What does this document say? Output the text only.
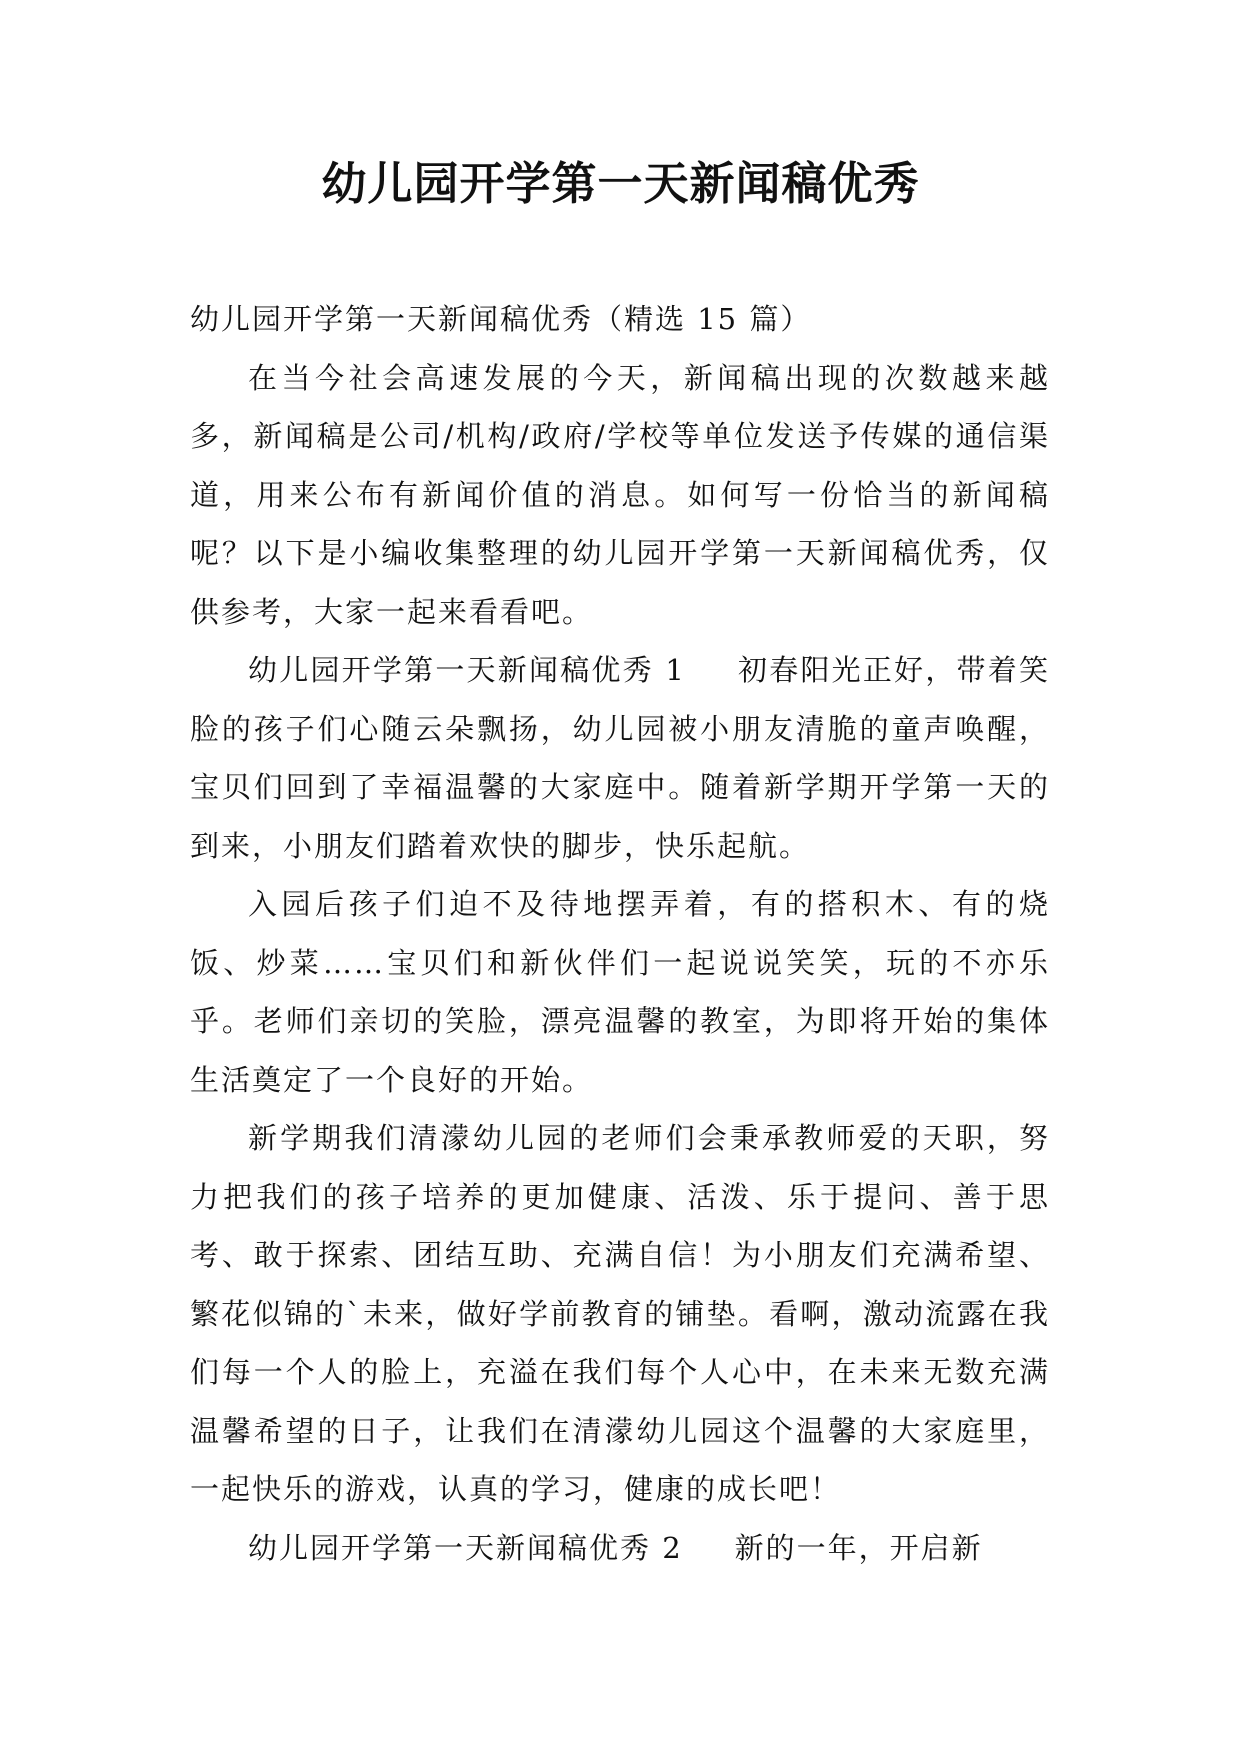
幼儿园开学第一天新闻稿优秀

幼儿园开学第一天新闻稿优秀（精选 15 篇）

在当今社会高速发展的今天，新闻稿出现的次数越来越多，新闻稿是公司/机构/政府/学校等单位发送予传媒的通信渠道，用来公布有新闻价值的消息。如何写一份恰当的新闻稿呢？以下是小编收集整理的幼儿园开学第一天新闻稿优秀，仅供参考，大家一起来看看吧。

幼儿园开学第一天新闻稿优秀 1 初春阳光正好，带着笑脸的孩子们心随云朵飘扬，幼儿园被小朋友清脆的童声唤醒，宝贝们回到了幸福温馨的大家庭中。随着新学期开学第一天的到来，小朋友们踏着欢快的脚步，快乐起航。

入园后孩子们迫不及待地摆弄着，有的搭积木、有的烧饭、炒菜……宝贝们和新伙伴们一起说说笑笑，玩的不亦乐乎。老师们亲切的笑脸，漂亮温馨的教室，为即将开始的集体生活奠定了一个良好的开始。

新学期我们清濛幼儿园的老师们会秉承教师爱的天职，努力把我们的孩子培养的更加健康、活泼、乐于提问、善于思考、敢于探索、团结互助、充满自信！为小朋友们充满希望、繁花似锦的`未来，做好学前教育的铺垫。看啊，激动流露在我们每一个人的脸上，充溢在我们每个人心中，在未来无数充满温馨希望的日子，让我们在清濛幼儿园这个温馨的大家庭里，一起快乐的游戏，认真的学习，健康的成长吧！

幼儿园开学第一天新闻稿优秀 2 新的一年，开启新
